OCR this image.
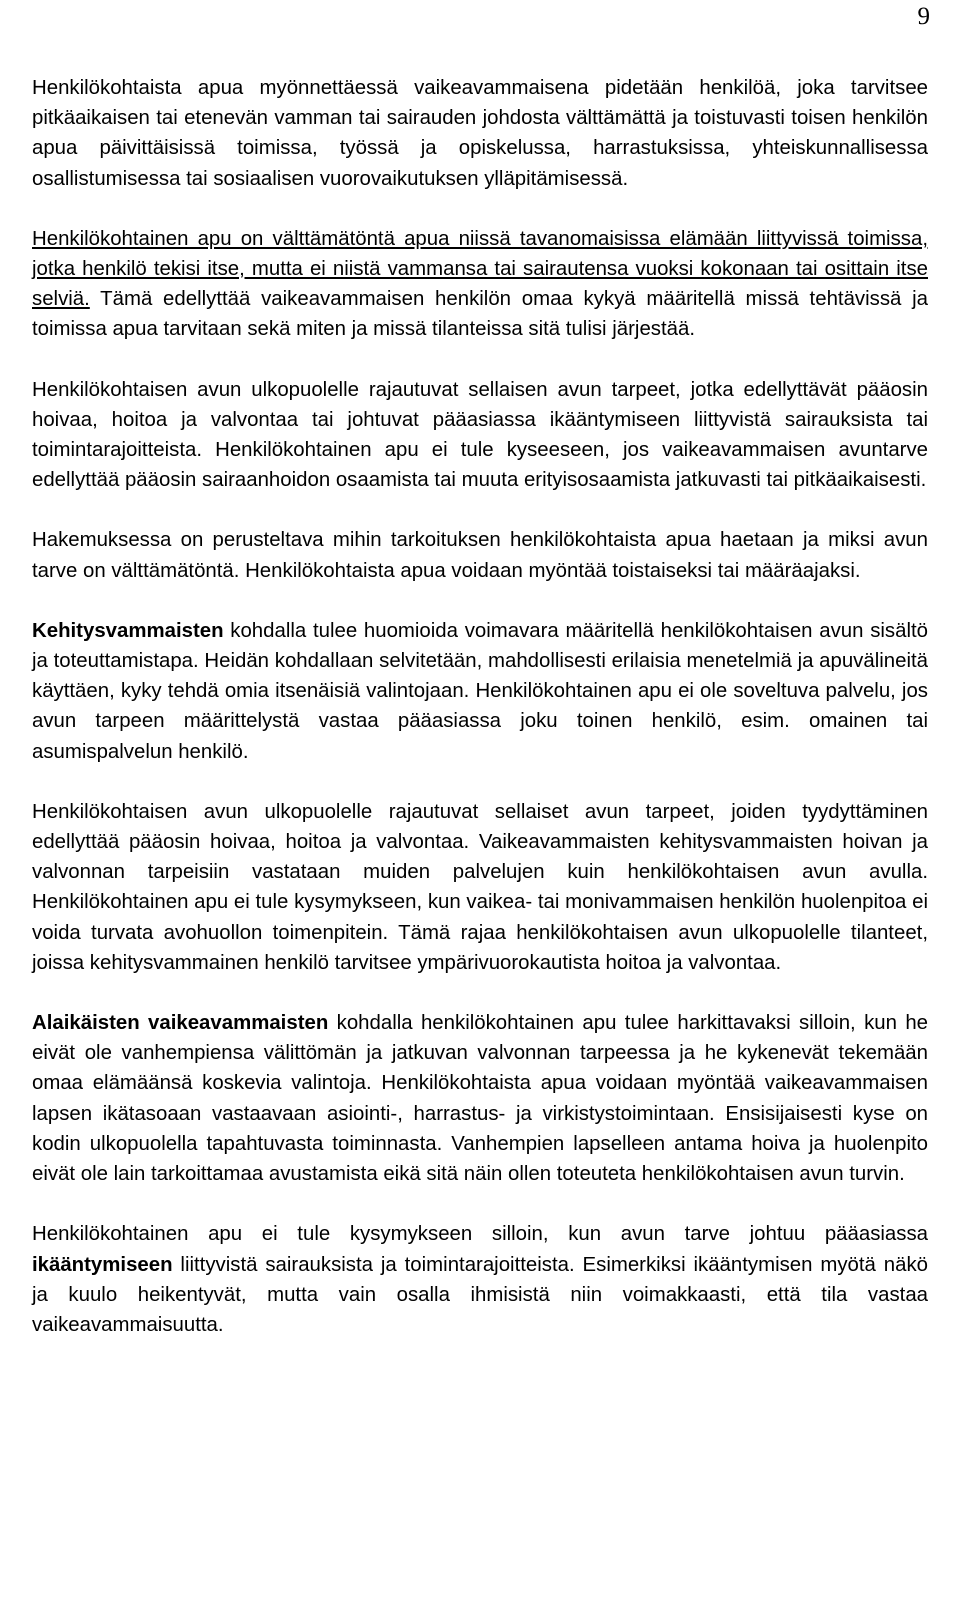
9

Henkilökohtaista apua myönnettäessä vaikeavammaisena pidetään henkilöä, joka tarvitsee pitkäaikaisen tai etenevän vamman tai sairauden johdosta välttämättä ja toistuvasti toisen henkilön apua päivittäisissä toimissa, työssä ja opiskelussa, harrastuksissa, yhteiskunnallisessa osallistumisessa tai sosiaalisen vuorovaikutuksen ylläpitämisessä.

Henkilökohtainen apu on välttämätöntä apua niissä tavanomaisissa elämään liittyvissä toimissa, jotka henkilö tekisi itse, mutta ei niistä vammansa tai sairautensa vuoksi kokonaan tai osittain itse selviä. Tämä edellyttää vaikeavammaisen henkilön omaa kykyä määritellä missä tehtävissä ja toimissa apua tarvitaan sekä miten ja missä tilanteissa sitä tulisi järjestää.

Henkilökohtaisen avun ulkopuolelle rajautuvat sellaisen avun tarpeet, jotka edellyttävät pääosin hoivaa, hoitoa ja valvontaa tai johtuvat pääasiassa ikääntymiseen liittyvistä sairauksista tai toimintarajoitteista. Henkilökohtainen apu ei tule kyseeseen, jos vaikeavammaisen avuntarve edellyttää pääosin sairaanhoidon osaamista tai muuta erityisosaamista jatkuvasti tai pitkäaikaisesti.

Hakemuksessa on perusteltava mihin tarkoituksen henkilökohtaista apua haetaan ja miksi avun tarve on välttämätöntä. Henkilökohtaista apua voidaan myöntää toistaiseksi tai määräajaksi.

Kehitysvammaisten kohdalla tulee huomioida voimavara määritellä henkilökohtaisen avun sisältö ja toteuttamistapa. Heidän kohdallaan selvitetään, mahdollisesti erilaisia menetelmiä ja apuvälineitä käyttäen, kyky tehdä omia itsenäisiä valintojaan. Henkilökohtainen apu ei ole soveltuva palvelu, jos avun tarpeen määrittelystä vastaa pääasiassa joku toinen henkilö, esim. omainen tai asumispalvelun henkilö.

Henkilökohtaisen avun ulkopuolelle rajautuvat sellaiset avun tarpeet, joiden tyydyttäminen edellyttää pääosin hoivaa, hoitoa ja valvontaa. Vaikeavammaisten kehitysvammaisten hoivan ja valvonnan tarpeisiin vastataan muiden palvelujen kuin henkilökohtaisen avun avulla. Henkilökohtainen apu ei tule kysymykseen, kun vaikea- tai monivammaisen henkilön huolenpitoa ei voida turvata avohuollon toimenpitein. Tämä rajaa henkilökohtaisen avun ulkopuolelle tilanteet, joissa kehitysvammainen henkilö tarvitsee ympärivuorokautista hoitoa ja valvontaa.

Alaikäisten vaikeavammaisten kohdalla henkilökohtainen apu tulee harkittavaksi silloin, kun he eivät ole vanhempiensa välittömän ja jatkuvan valvonnan tarpeessa ja he kykenevät tekemään omaa elämäänsä koskevia valintoja. Henkilökohtaista apua voidaan myöntää vaikeavammaisen lapsen ikätasoaan vastaavaan asiointi-, harrastus- ja virkistystoimintaan. Ensisijaisesti kyse on kodin ulkopuolella tapahtuvasta toiminnasta. Vanhempien lapselleen antama hoiva ja huolenpito eivät ole lain tarkoittamaa avustamista eikä sitä näin ollen toteuteta henkilökohtaisen avun turvin.

Henkilökohtainen apu ei tule kysymykseen silloin, kun avun tarve johtuu pääasiassa ikääntymiseen liittyvistä sairauksista ja toimintarajoitteista. Esimerkiksi ikääntymisen myötä näkö ja kuulo heikentyvät, mutta vain osalla ihmisistä niin voimakkaasti, että tila vastaa vaikeavammaisuutta.
